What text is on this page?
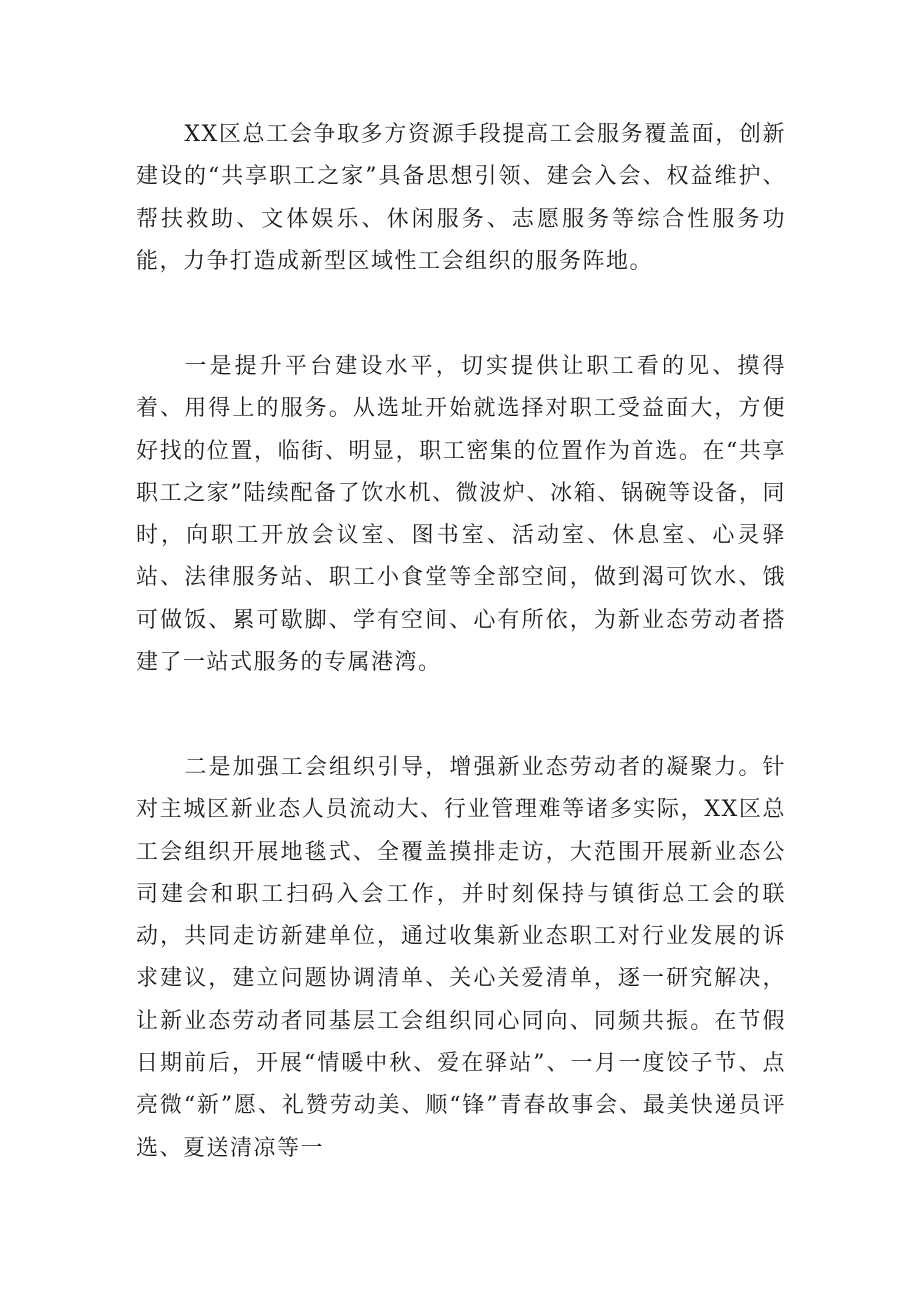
XX区总工会争取多方资源手段提高工会服务覆盖面，创新建设的“共享职工之家”具备思想引领、建会入会、权益维护、帮扶救助、文体娱乐、休闲服务、志愿服务等综合性服务功能，力争打造成新型区域性工会组织的服务阵地。

一是提升平台建设水平，切实提供让职工看的见、摸得着、用得上的服务。从选址开始就选择对职工受益面大，方便好找的位置，临街、明显，职工密集的位置作为首选。在“共享职工之家”陆续配备了饮水机、微波炉、冰箱、锅碗等设备，同时，向职工开放会议室、图书室、活动室、休息室、心灵驿站、法律服务站、职工小食堂等全部空间，做到渴可饮水、饿可做饭、累可歇脚、学有空间、心有所依，为新业态劳动者搭建了一站式服务的专属港湾。

二是加强工会组织引导，增强新业态劳动者的凝聚力。针对主城区新业态人员流动大、行业管理难等诸多实际，XX区总工会组织开展地毯式、全覆盖摸排走访，大范围开展新业态公司建会和职工扫码入会工作，并时刻保持与镇街总工会的联动，共同走访新建单位，通过收集新业态职工对行业发展的诉求建议，建立问题协调清单、关心关爱清单，逐一研究解决，让新业态劳动者同基层工会组织同心同向、同频共振。在节假日期前后，开展“情暖中秋、爱在驿站”、一月一度饺子节、点亮微“新”愿、礼赞劳动美、顺“锋”青春故事会、最美快递员评选、夏送清凉等一
